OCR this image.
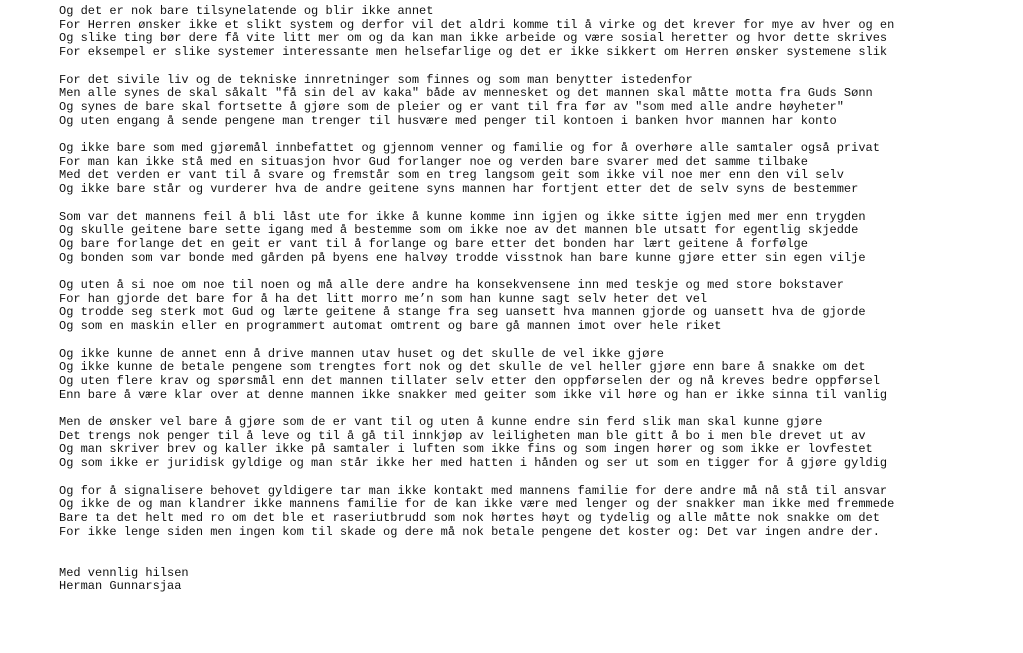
Og det er nok bare tilsynelatende og blir ikke annet
For Herren ønsker ikke et slikt system og derfor vil det aldri komme til å virke og det krever for mye av hver og en
Og slike ting bør dere få vite litt mer om og da kan man ikke arbeide og være sosial heretter og hvor dette skrives
For eksempel er slike systemer interessante men helsefarlige og det er ikke sikkert om Herren ønsker systemene slik
For det sivile liv og de tekniske innretninger som finnes og som man benytter istedenfor
Men alle synes de skal såkalt "få sin del av kaka" både av mennesket og det mannen skal måtte motta fra Guds Sønn
Og synes de bare skal fortsette å gjøre som de pleier og er vant til fra før av "som med alle andre høyheter"
Og uten engang å sende pengene man trenger til husvære med penger til kontoen i banken hvor mannen har konto
Og ikke bare som med gjøremål innbefattet og gjennom venner og familie og for å overhøre alle samtaler også privat
For man kan ikke stå med en situasjon hvor Gud forlanger noe og verden bare svarer med det samme tilbake
Med det verden er vant til å svare og fremstår som en treg langsom geit som ikke vil noe mer enn den vil selv
Og ikke bare står og vurderer hva de andre geitene syns mannen har fortjent etter det de selv syns de bestemmer
Som var det mannens feil å bli låst ute for ikke å kunne komme inn igjen og ikke sitte igjen med mer enn trygden
Og skulle geitene bare sette igang med å bestemme som om ikke noe av det mannen ble utsatt for egentlig skjedde
Og bare forlange det en geit er vant til å forlange og bare etter det bonden har lært geitene å forfølge
Og bonden som var bonde med gården på byens ene halvøy trodde visstnok han bare kunne gjøre etter sin egen vilje
Og uten å si noe om noe til noen og må alle dere andre ha konsekvensene inn med teskje og med store bokstaver
For han gjorde det bare for å ha det litt morro me’n som han kunne sagt selv heter det vel
Og trodde seg sterk mot Gud og lærte geitene å stange fra seg uansett hva mannen gjorde og uansett hva de gjorde
Og som en maskin eller en programmert automat omtrent og bare gå mannen imot over hele riket
Og ikke kunne de annet enn å drive mannen utav huset og det skulle de vel ikke gjøre
Og ikke kunne de betale pengene som trengtes fort nok og det skulle de vel heller gjøre enn bare å snakke om det
Og uten flere krav og spørsmål enn det mannen tillater selv etter den oppførselen der og nå kreves bedre oppførsel
Enn bare å være klar over at denne mannen ikke snakker med geiter som ikke vil høre og han er ikke sinna til vanlig
Men de ønsker vel bare å gjøre som de er vant til og uten å kunne endre sin ferd slik man skal kunne gjøre
Det trengs nok penger til å leve og til å gå til innkjøp av leiligheten man ble gitt å bo i men ble drevet ut av
Og man skriver brev og kaller ikke på samtaler i luften som ikke fins og som ingen hører og som ikke er lovfestet
Og som ikke er juridisk gyldige og man står ikke her med hatten i hånden og ser ut som en tigger for å gjøre gyldig
Og for å signalisere behovet gyldigere tar man ikke kontakt med mannens familie for dere andre må nå stå til ansvar
Og ikke de og man klandrer ikke mannens familie for de kan ikke være med lenger og der snakker man ikke med fremmede
Bare ta det helt med ro om det ble et raseriutbrudd som nok hørtes høyt og tydelig og alle måtte nok snakke om det
For ikke lenge siden men ingen kom til skade og dere må nok betale pengene det koster og: Det var ingen andre der.
Med vennlig hilsen
Herman Gunnarsjaa
